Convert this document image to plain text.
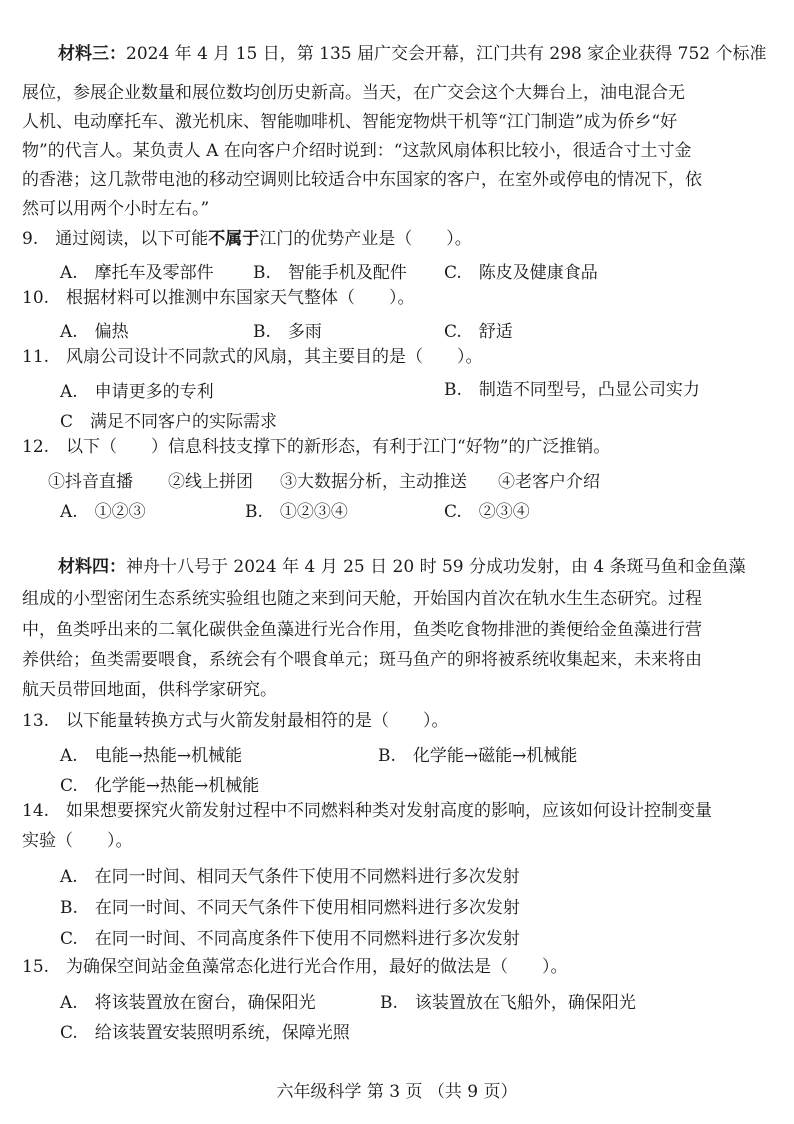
材料三：2024 年 4 月 15 日，第 135 届广交会开幕，江门共有 298 家企业获得 752 个标准
展位，参展企业数量和展位数均创历史新高。当天，在广交会这个大舞台上，油电混合无
人机、电动摩托车、激光机床、智能咖啡机、智能宠物烘干机等“江门制造”成为侨乡“好
物”的代言人。某负责人 A 在向客户介绍时说到：“这款风扇体积比较小，很适合寸土寸金
的香港；这几款带电池的移动空调则比较适合中东国家的客户，在室外或停电的情况下，依
然可以用两个小时左右。”
9.　通过阅读，以下可能不属于江门的优势产业是（　　）。
A.　摩托车及零部件 B.　智能手机及配件 C.　陈皮及健康食品
10.　根据材料可以推测中东国家天气整体（　　）。
A.　偏热	B.　多雨	C.　舒适
11.　风扇公司设计不同款式的风扇，其主要目的是（　　）。
A.　申请更多的专利	B.　制造不同型号，凸显公司实力
C　满足不同客户的实际需求
12.　以下（　　）信息科技支撑下的新形态，有利于江门“好物”的广泛推销。
①抖音直播 ②线上拼团 ③大数据分析，主动推送 ④老客户介绍
A.　①②③	B.　①②③④	C.　②③④
材料四：神舟十八号于 2024 年 4 月 25 日 20 时 59 分成功发射，由 4 条斑马鱼和金鱼藻
组成的小型密闭生态系统实验组也随之来到问天舱，开始国内首次在轨水生生态研究。过程
中，鱼类呼出来的二氧化碳供金鱼藻进行光合作用，鱼类吃食物排泄的粪便给金鱼藻进行营
养供给；鱼类需要喂食，系统会有个喂食单元；斑马鱼产的卵将被系统收集起来，未来将由
航天员带回地面，供科学家研究。
13.　以下能量转换方式与火箭发射最相符的是（　　）。
A.　电能→热能→机械能	B.　化学能→磁能→机械能
C.　化学能→热能→机械能
14.　如果想要探究火箭发射过程中不同燃料种类对发射高度的影响，应该如何设计控制变量
实验（　　）。
A.　在同一时间、相同天气条件下使用不同燃料进行多次发射
B.　在同一时间、不同天气条件下使用相同燃料进行多次发射
C.　在同一时间、不同高度条件下使用不同燃料进行多次发射
15.　为确保空间站金鱼藻常态化进行光合作用，最好的做法是（　　）。
A.　将该装置放在窗台，确保阳光	B.　该装置放在飞船外，确保阳光
C.　给该装置安装照明系统，保障光照
六年级科学 第 3 页 （共 9 页）
